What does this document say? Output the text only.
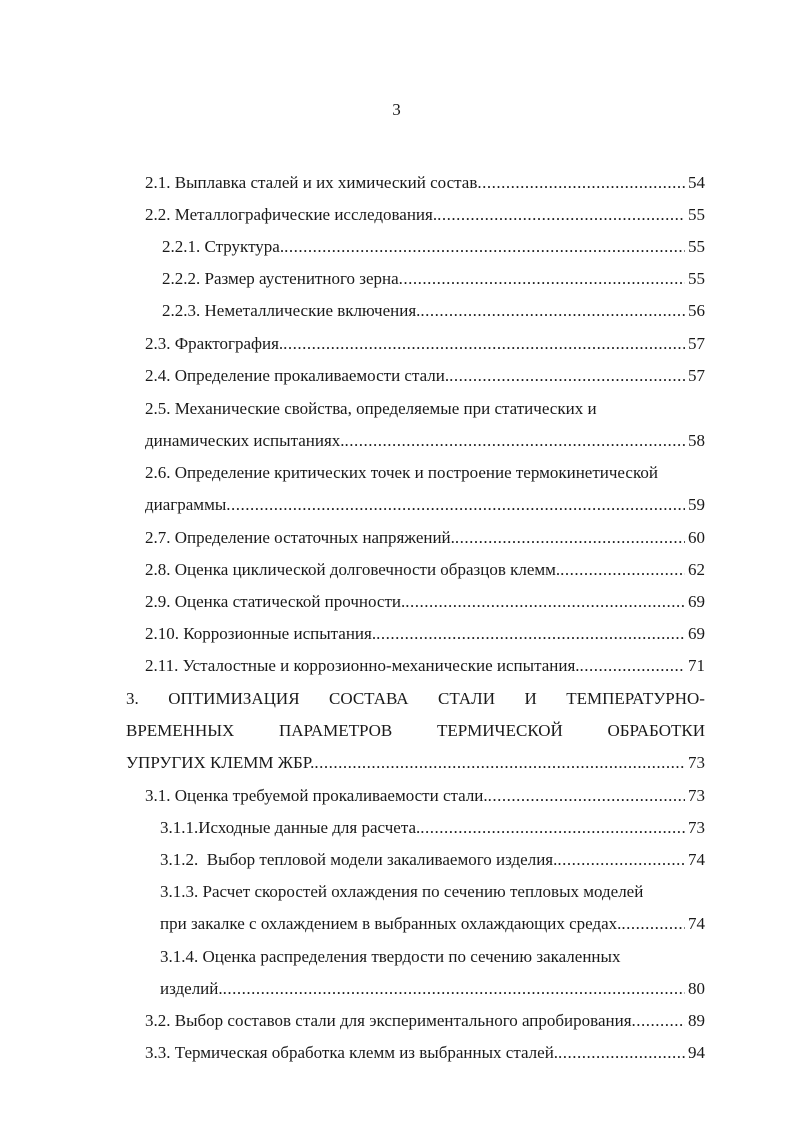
3
2.1. Выплавка сталей и их химический состав .....	54
2.2. Металлографические исследования. .....	55
2.2.1. Структура. .....	55
2.2.2. Размер аустенитного зерна .....	55
2.2.3. Неметаллические включения. .....	56
2.3. Фрактография. .....	57
2.4. Определение прокаливаемости стали. .....	57
2.5. Механические свойства, определяемые при статических и
динамических испытаниях. .....	58
2.6. Определение критических точек и построение термокинетической
диаграммы .....	59
2.7. Определение остаточных напряжений. .....	60
2.8. Оценка циклической долговечности образцов клемм. .....	62
2.9. Оценка статической прочности. .....	69
2.10. Коррозионные испытания. .....	69
2.11. Усталостные и коррозионно-механические испытания. .....	71
3. ОПТИМИЗАЦИЯ СОСТАВА СТАЛИ И ТЕМПЕРАТУРНО-
ВРЕМЕННЫХ	ПАРАМЕТРОВ	ТЕРМИЧЕСКОЙ	ОБРАБОТКИ
УПРУГИХ КЛЕММ ЖБР. .....	73
3.1. Оценка требуемой прокаливаемости стали. .....	73
3.1.1.Исходные данные для расчета. .....	73
3.1.2.  Выбор тепловой модели закаливаемого изделия. .....	74
3.1.3. Расчет скоростей охлаждения по сечению тепловых моделей
при закалке с охлаждением в выбранных охлаждающих средах. .....	74
3.1.4. Оценка распределения твердости по сечению закаленных
изделий. .....	80
3.2. Выбор составов стали для экспериментального апробирования .....	89
3.3. Термическая обработка клемм из выбранных сталей. .....	94
